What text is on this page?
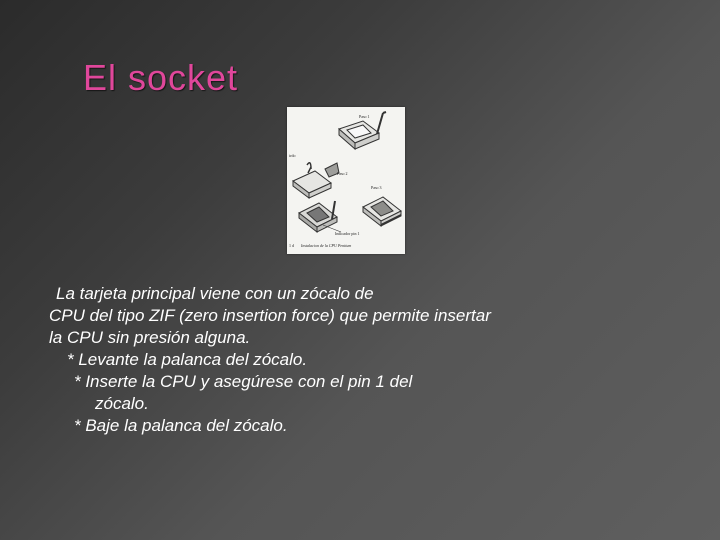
El socket
Paso 1
irdo
Paso 2
Paso 3
Indicador pin 1
1 d Instalacion de la CPU Pentium
La tarjeta principal viene con un zócalo de
CPU del tipo ZIF (zero insertion force) que permite insertar
la CPU sin presión alguna.
* Levante la palanca del zócalo.
* Inserte la CPU y asegúrese con el pin 1 del
zócalo.
* Baje la palanca del zócalo.
